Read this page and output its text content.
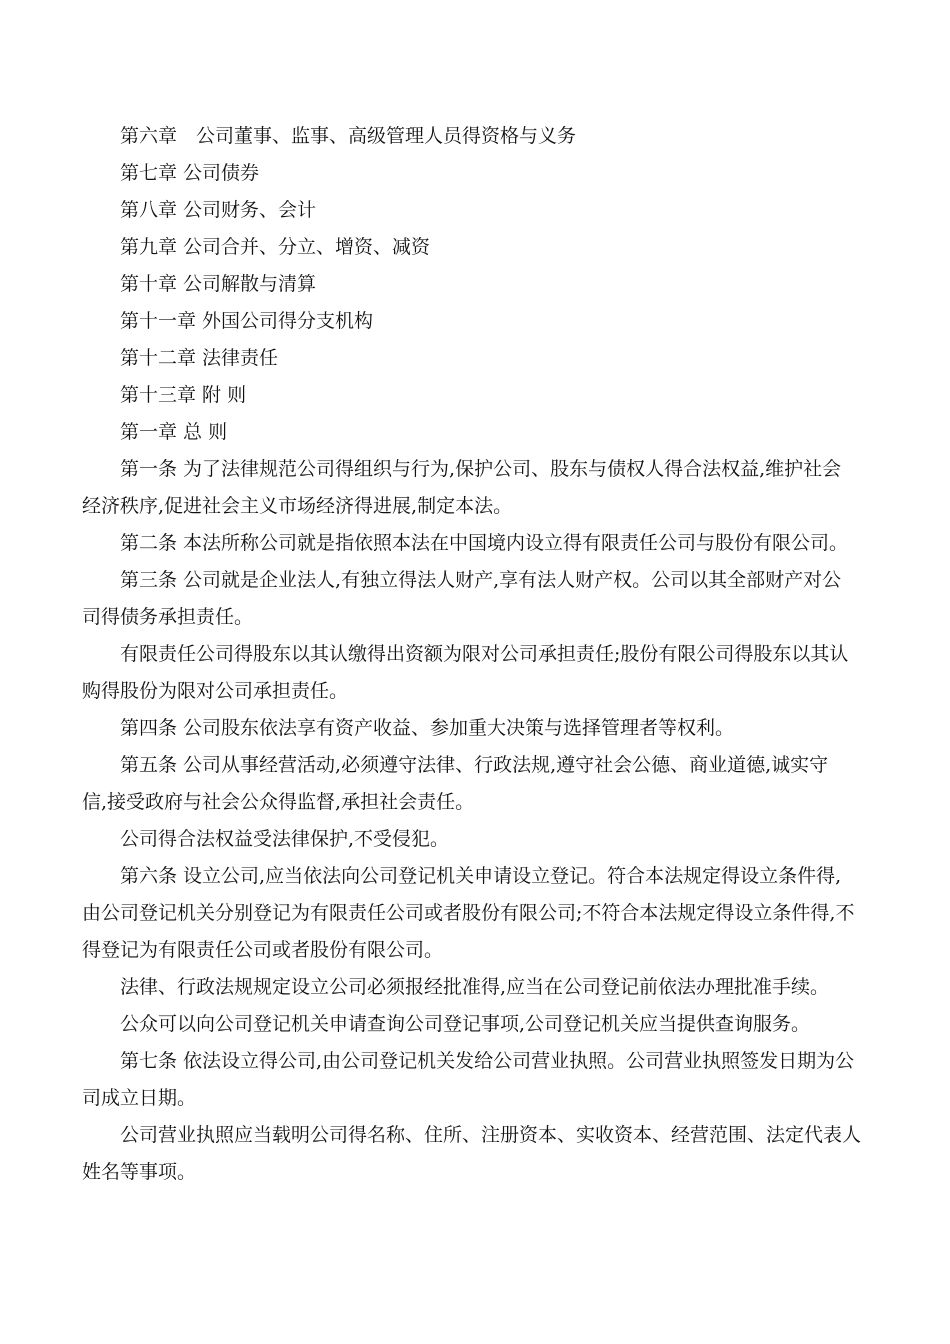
第六章　公司董事、监事、高级管理人员得资格与义务

第七章 公司债券

第八章 公司财务、会计

第九章 公司合并、分立、增资、减资

第十章 公司解散与清算

第十一章 外国公司得分支机构

第十二章 法律责任

第十三章 附 则

第一章 总 则

第一条 为了法律规范公司得组织与行为,保护公司、股东与债权人得合法权益,维护社会

经济秩序,促进社会主义市场经济得进展,制定本法。

第二条 本法所称公司就是指依照本法在中国境内设立得有限责任公司与股份有限公司。

第三条 公司就是企业法人,有独立得法人财产,享有法人财产权。公司以其全部财产对公

司得债务承担责任。

有限责任公司得股东以其认缴得出资额为限对公司承担责任;股份有限公司得股东以其认

购得股份为限对公司承担责任。

第四条 公司股东依法享有资产收益、参加重大决策与选择管理者等权利。

第五条 公司从事经营活动,必须遵守法律、行政法规,遵守社会公德、商业道德,诚实守

信,接受政府与社会公众得监督,承担社会责任。

公司得合法权益受法律保护,不受侵犯。

第六条 设立公司,应当依法向公司登记机关申请设立登记。符合本法规定得设立条件得,

由公司登记机关分别登记为有限责任公司或者股份有限公司;不符合本法规定得设立条件得,不

得登记为有限责任公司或者股份有限公司。

法律、行政法规规定设立公司必须报经批准得,应当在公司登记前依法办理批准手续。

公众可以向公司登记机关申请查询公司登记事项,公司登记机关应当提供查询服务。

第七条 依法设立得公司,由公司登记机关发给公司营业执照。公司营业执照签发日期为公

司成立日期。

公司营业执照应当载明公司得名称、住所、注册资本、实收资本、经营范围、法定代表人

姓名等事项。
